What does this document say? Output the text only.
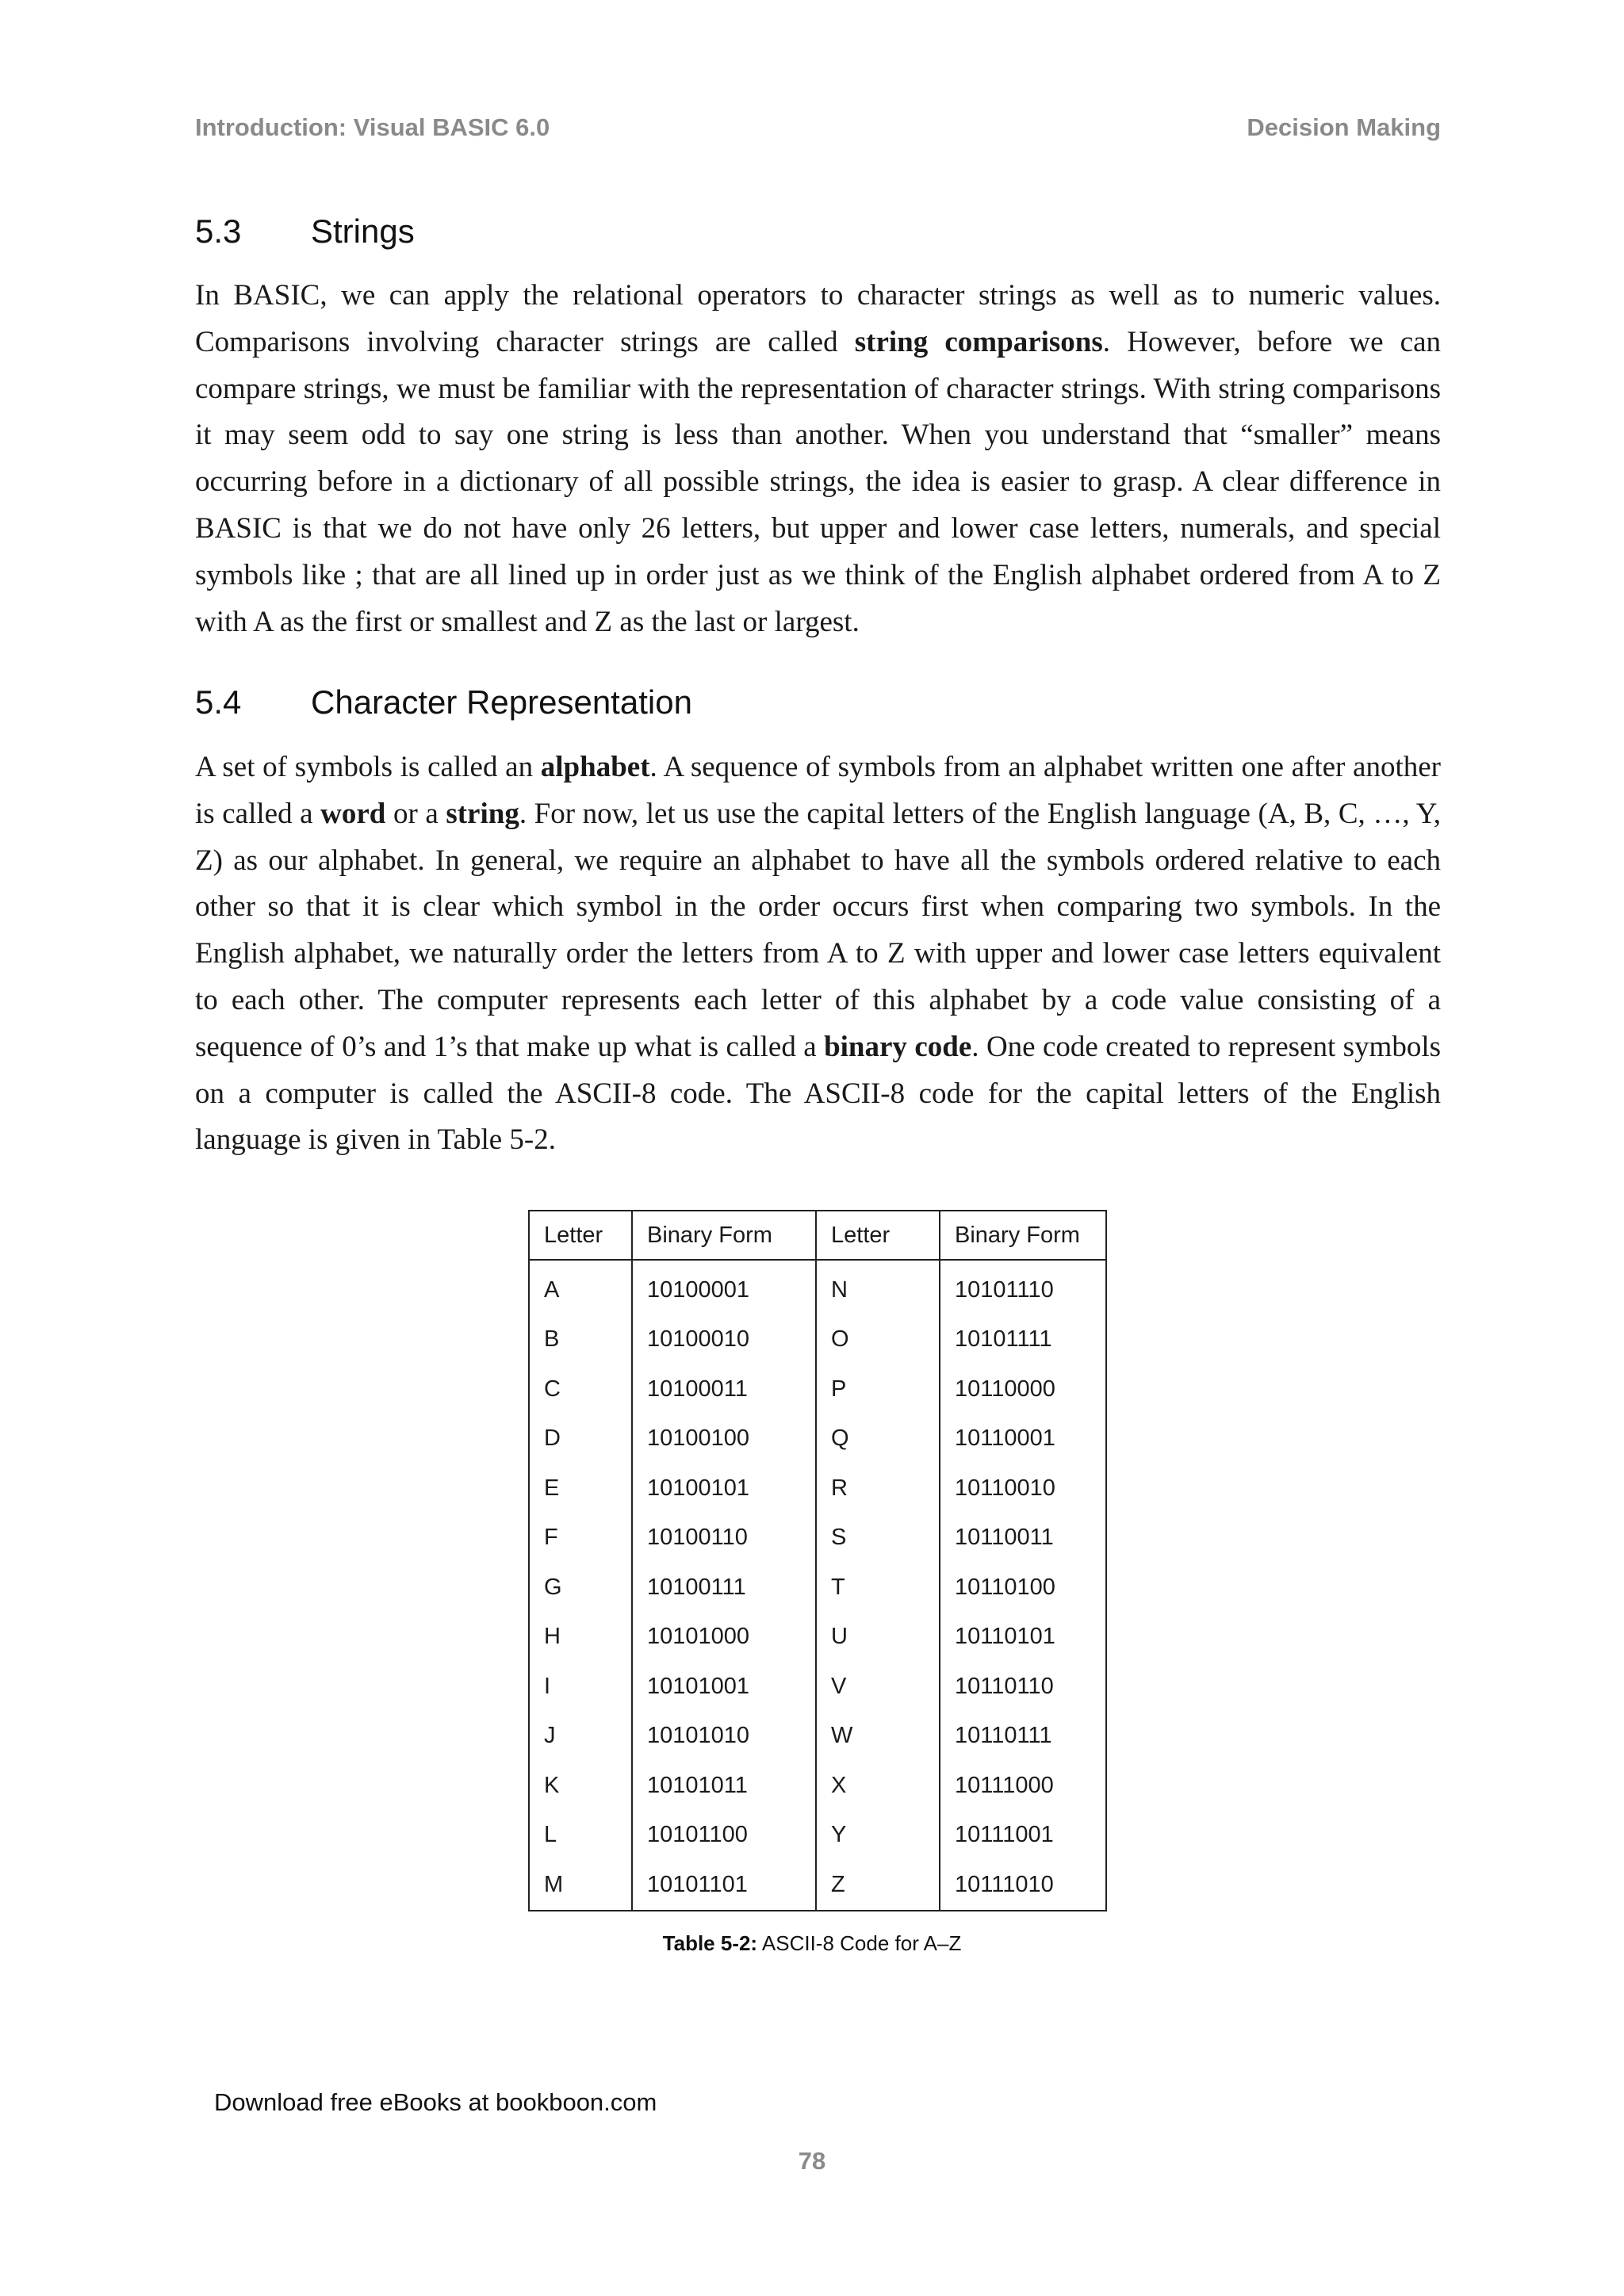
Introduction: Visual BASIC 6.0	Decision Making
5.3	Strings

In BASIC, we can apply the relational operators to character strings as well as to numeric values. Comparisons involving character strings are called string comparisons. However, before we can compare strings, we must be familiar with the representation of character strings. With string comparisons it may seem odd to say one string is less than another. When you understand that “smaller” means occurring before in a dictionary of all possible strings, the idea is easier to grasp. A clear difference in BASIC is that we do not have only 26 letters, but upper and lower case letters, numerals, and special symbols like ; that are all lined up in order just as we think of the English alphabet ordered from A to Z with A as the first or smallest and Z as the last or largest.

5.4	Character Representation

A set of symbols is called an alphabet. A sequence of symbols from an alphabet written one after another is called a word or a string. For now, let us use the capital letters of the English language (A, B, C, …, Y, Z) as our alphabet. In general, we require an alphabet to have all the symbols ordered relative to each other so that it is clear which symbol in the order occurs first when comparing two symbols. In the English alphabet, we naturally order the letters from A to Z with upper and lower case letters equivalent to each other. The computer represents each letter of this alphabet by a code value consisting of a sequence of 0’s and 1’s that make up what is called a binary code. One code created to represent symbols on a computer is called the ASCII-8 code. The ASCII-8 code for the capital letters of the English language is given in Table 5-2.

Letter	Binary Form	Letter	Binary Form
A	10100001	N	10101110
B	10100010	O	10101111
C	10100011	P	10110000
D	10100100	Q	10110001
E	10100101	R	10110010
F	10100110	S	10110011
G	10100111	T	10110100
H	10101000	U	10110101
I	10101001	V	10110110
J	10101010	W	10110111
K	10101011	X	10111000
L	10101100	Y	10111001
M	10101101	Z	10111010
Table 5-2: ASCII-8 Code for A–Z
Download free eBooks at bookboon.com
78
